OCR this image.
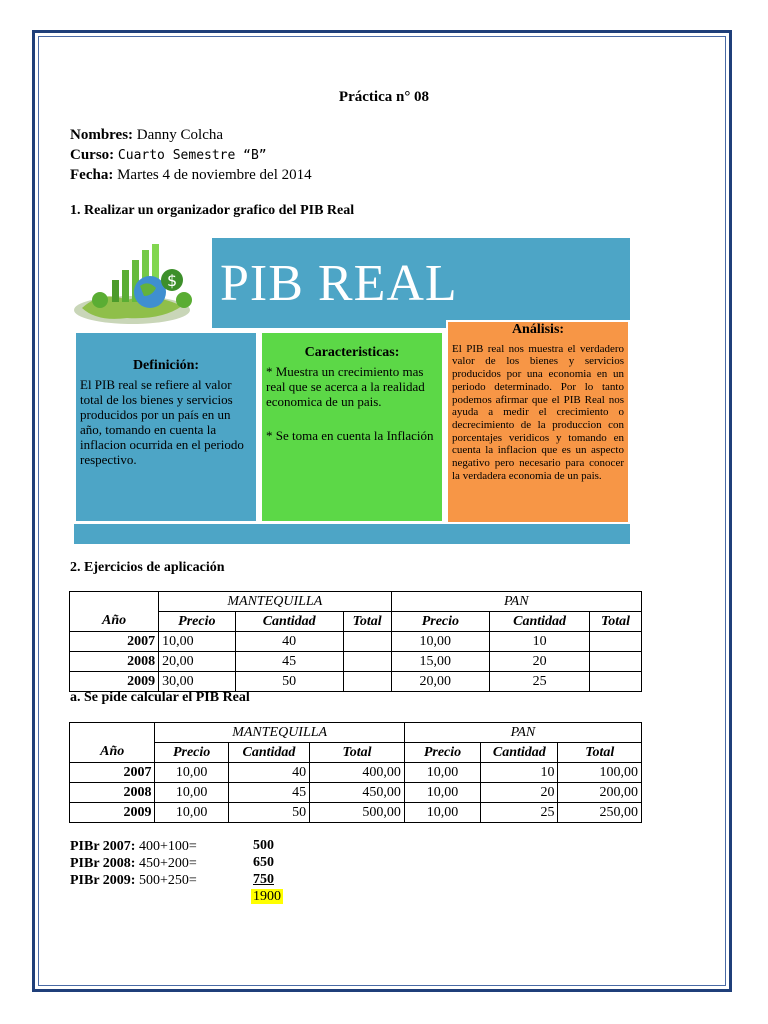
Práctica n° 08
Nombres: Danny Colcha
Curso: Cuarto Semestre “B”
Fecha: Martes 4 de noviembre del 2014
1. Realizar un organizador grafico del PIB Real
$ PIB REAL
Definición:

El PIB real se refiere al valor total de los bienes y servicios producidos por un país en un año, tomando en cuenta la inflacion ocurrida en el periodo respectivo.

Caracteristicas:

* Muestra un crecimiento mas real que se acerca a la realidad economica de un pais.

* Se toma en cuenta la Inflación

Análisis:

El PIB real nos muestra el verdadero valor de los bienes y servicios producidos por una economia en un periodo determinado. Por lo tanto podemos afirmar que el PIB Real nos ayuda a medir el crecimiento o decrecimiento de la produccion con porcentajes veridicos y tomando en cuenta la inflacion que es un aspecto negativo pero necesario para conocer la verdadera economia de un pais.

2. Ejercicios de aplicación
	MANTEQUILLA			PAN		
Año	Precio	Cantidad	Total	Precio	Cantidad	Total
2007	10,00	40		10,00	10	
2008	20,00	45		15,00	20	
2009	30,00	50		20,00	25	
a. Se pide calcular el PIB Real
	MANTEQUILLA			PAN		
Año	Precio	Cantidad	Total	Precio	Cantidad	Total
2007	10,00	40	400,00	10,00	10	100,00
2008	10,00	45	450,00	10,00	20	200,00
2009	10,00	50	500,00	10,00	25	250,00
PIBr 2007: 400+100=	500
PIBr 2008: 450+200=	650
PIBr 2009: 500+250=	750
1900
